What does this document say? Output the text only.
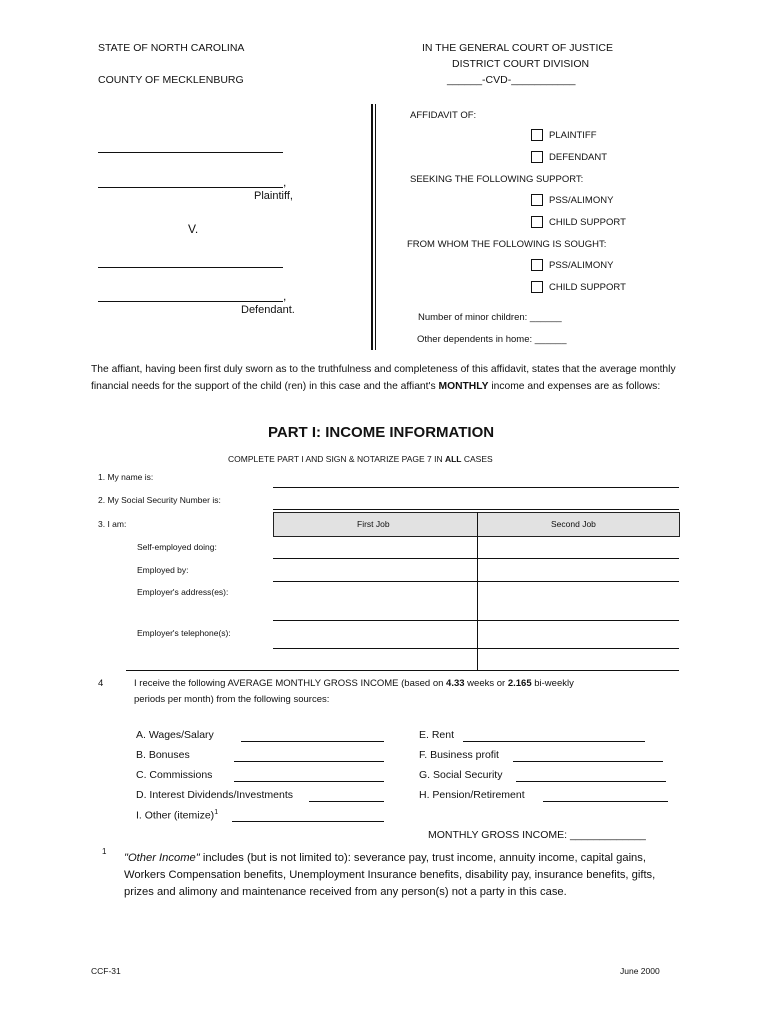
STATE OF NORTH CAROLINA
COUNTY OF MECKLENBURG
IN THE GENERAL COURT OF JUSTICE
DISTRICT COURT DIVISION
______-CVD-___________
,
Plaintiff,
V.
,
Defendant.
AFFIDAVIT OF:
PLAINTIFF
DEFENDANT
SEEKING THE FOLLOWING SUPPORT:
PSS/ALIMONY
CHILD SUPPORT
FROM WHOM THE FOLLOWING IS SOUGHT:
PSS/ALIMONY
CHILD SUPPORT
Number of minor children: ______
Other dependents in home: ______
The affiant, having been first duly sworn as to the truthfulness and completeness of this affidavit, states that the average monthly financial needs for the support of the child (ren) in this case and the affiant's MONTHLY income and expenses are as follows:
PART I: INCOME INFORMATION
COMPLETE PART I AND SIGN & NOTARIZE PAGE 7 IN ALL CASES
1. My name is:
2. My Social Security Number is:
3. I am:	First Job	Second Job
Self-employed doing:
Employed by:
Employer's address(es):
Employer's telephone(s):
4	I receive the following AVERAGE MONTHLY GROSS INCOME (based on 4.33 weeks or 2.165 bi-weekly
periods per month) from the following sources:
A. Wages/Salary
B. Bonuses
C. Commissions
D. Interest Dividends/Investments
I. Other (itemize)$^1$
E. Rent
F. Business profit
G. Social Security
H. Pension/Retirement
MONTHLY GROSS INCOME: _____________
1
"Other Income" includes (but is not limited to): severance pay, trust income, annuity income, capital gains, Workers Compensation benefits, Unemployment Insurance benefits, disability pay, insurance benefits, gifts, prizes and alimony and maintenance received from any person(s) not a party in this case.
CCF-31	June 2000
